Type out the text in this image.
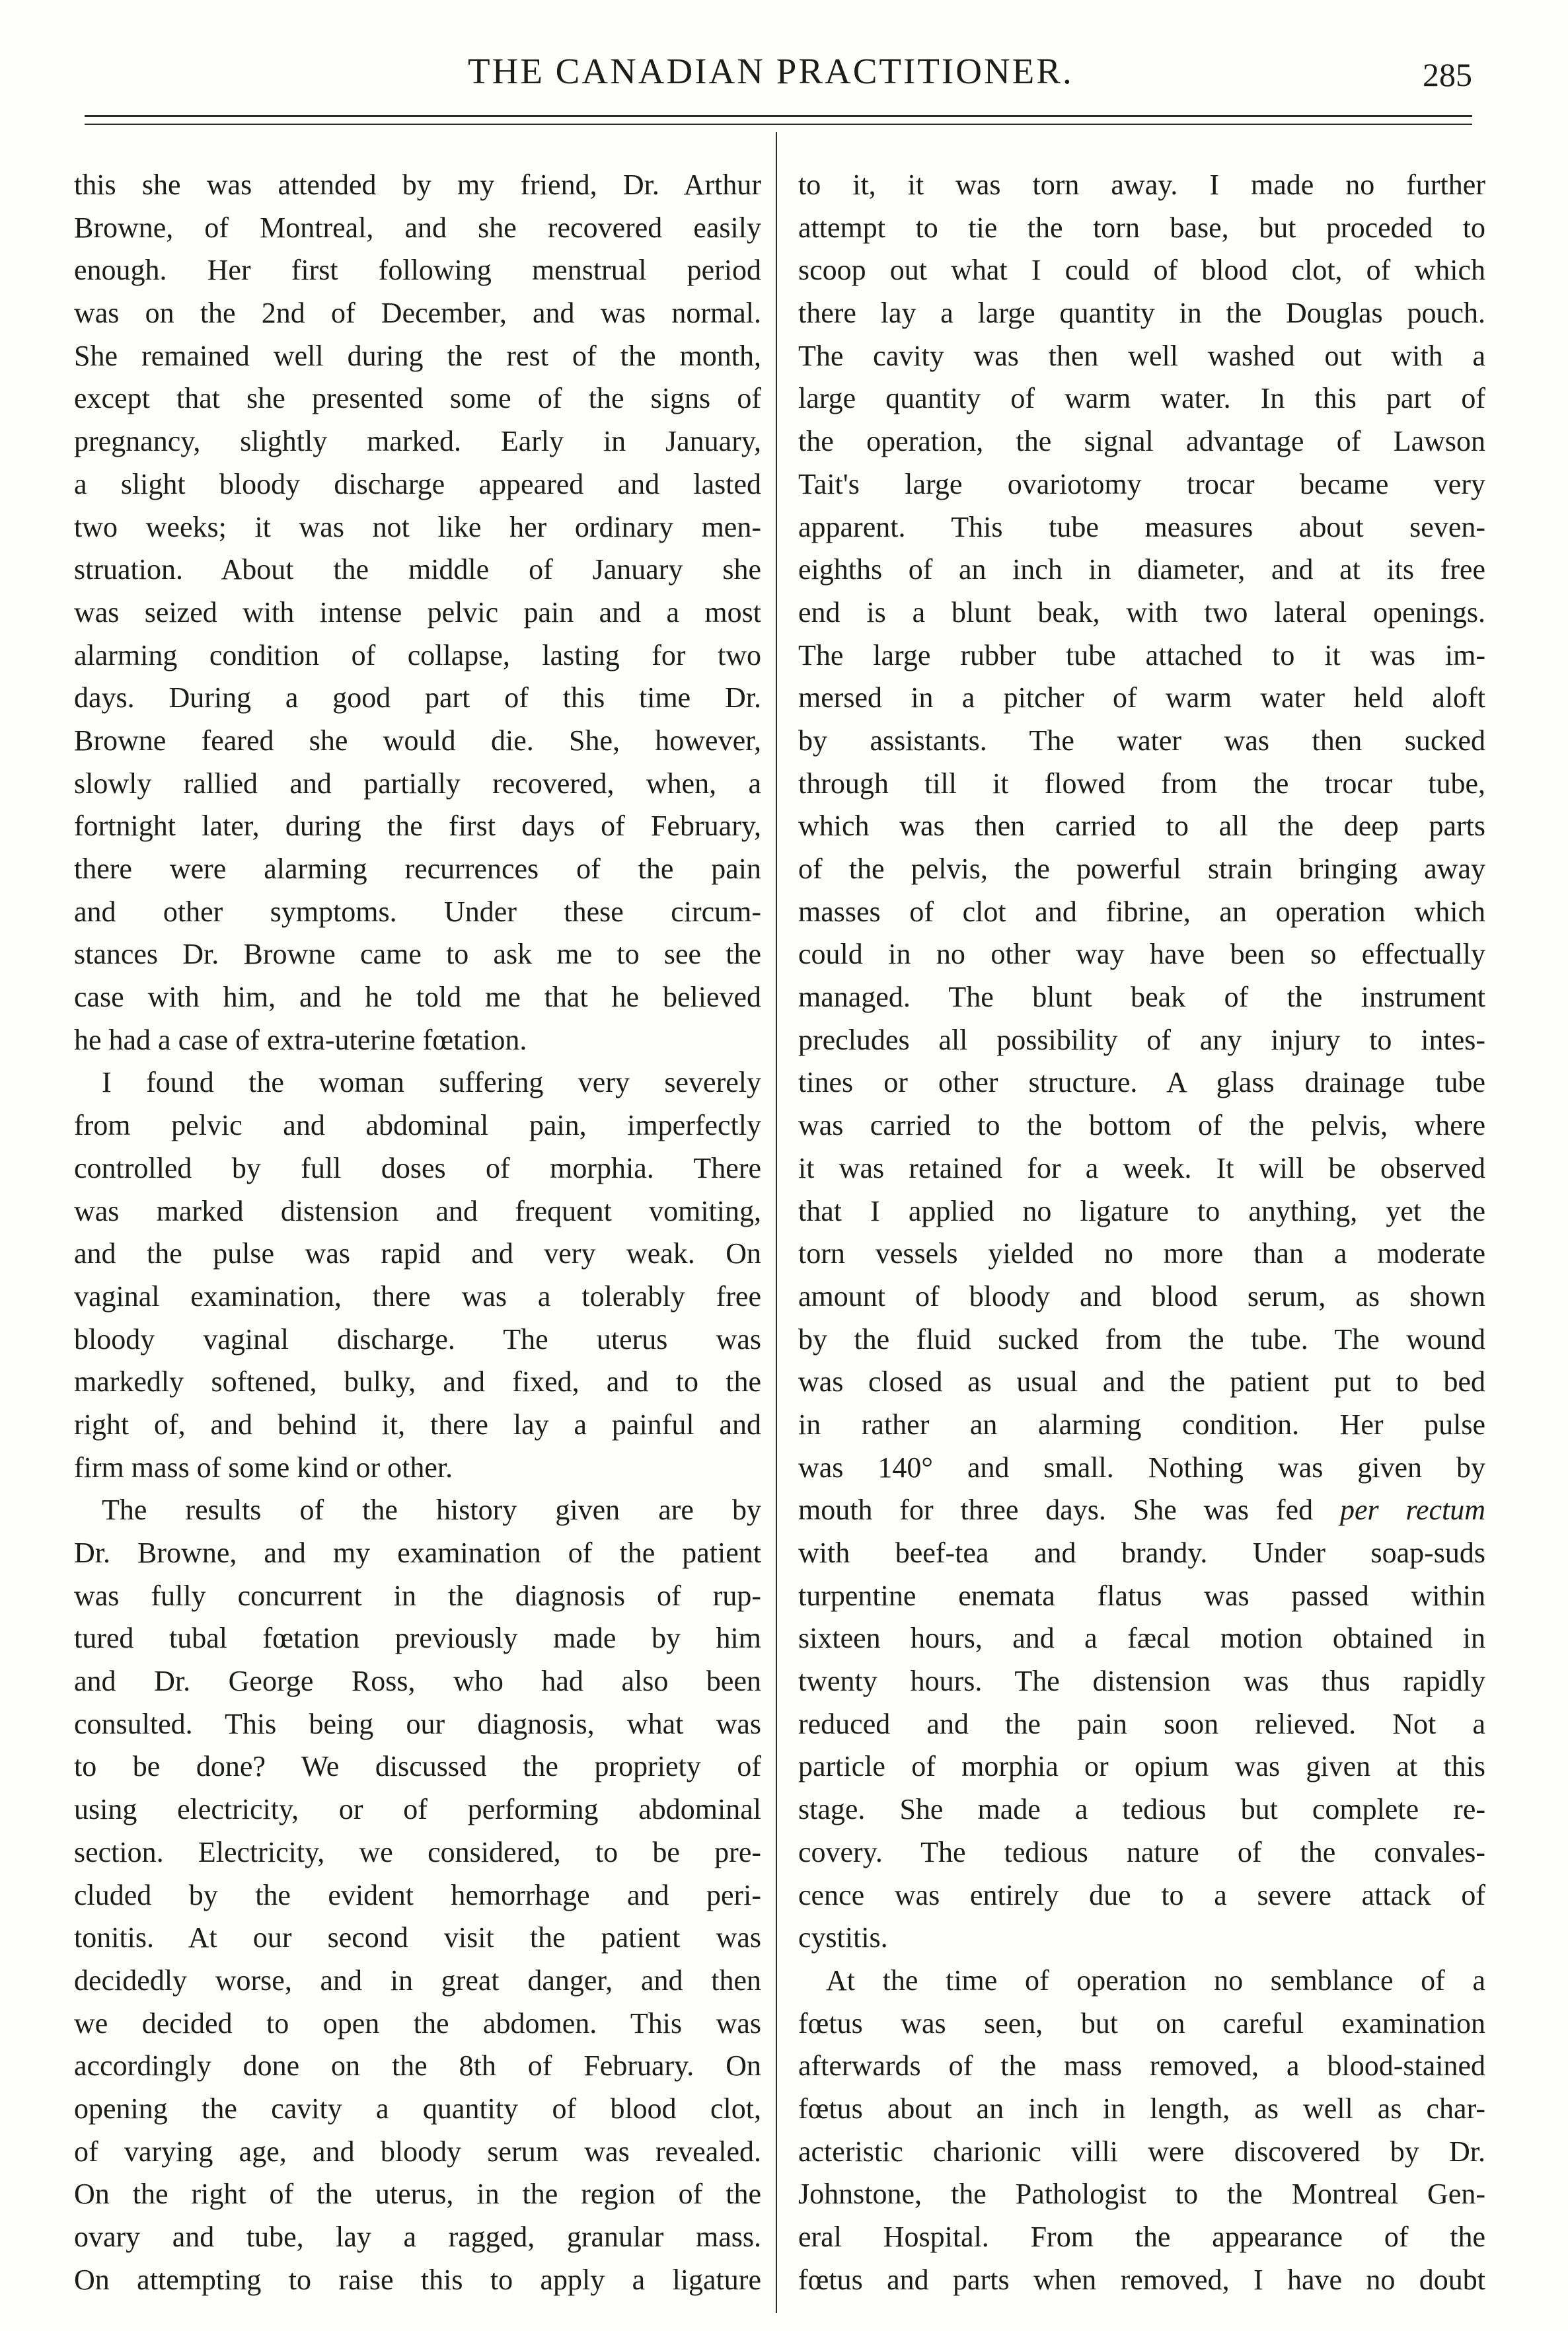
THE CANADIAN PRACTITIONER.	285
this she was attended by my friend, Dr. Arthur
Browne, of Montreal, and she recovered easily
enough. Her first following menstrual period
was on the 2nd of December, and was normal.
She remained well during the rest of the month,
except that she presented some of the signs of
pregnancy, slightly marked. Early in January,
a slight bloody discharge appeared and lasted
two weeks; it was not like her ordinary men-
struation. About the middle of January she
was seized with intense pelvic pain and a most
alarming condition of collapse, lasting for two
days. During a good part of this time Dr.
Browne feared she would die. She, however,
slowly rallied and partially recovered, when, a
fortnight later, during the first days of February,
there were alarming recurrences of the pain
and other symptoms. Under these circum-
stances Dr. Browne came to ask me to see the
case with him, and he told me that he believed
he had a case of extra-uterine fœtation.
I found the woman suffering very severely
from pelvic and abdominal pain, imperfectly
controlled by full doses of morphia. There
was marked distension and frequent vomiting,
and the pulse was rapid and very weak. On
vaginal examination, there was a tolerably free
bloody vaginal discharge. The uterus was
markedly softened, bulky, and fixed, and to the
right of, and behind it, there lay a painful and
firm mass of some kind or other.
The results of the history given are by
Dr. Browne, and my examination of the patient
was fully concurrent in the diagnosis of rup-
tured tubal fœtation previously made by him
and Dr. George Ross, who had also been
consulted. This being our diagnosis, what was
to be done? We discussed the propriety of
using electricity, or of performing abdominal
section. Electricity, we considered, to be pre-
cluded by the evident hemorrhage and peri-
tonitis. At our second visit the patient was
decidedly worse, and in great danger, and then
we decided to open the abdomen. This was
accordingly done on the 8th of February. On
opening the cavity a quantity of blood clot,
of varying age, and bloody serum was revealed.
On the right of the uterus, in the region of the
ovary and tube, lay a ragged, granular mass.
On attempting to raise this to apply a ligature
to it, it was torn away. I made no further
attempt to tie the torn base, but proceded to
scoop out what I could of blood clot, of which
there lay a large quantity in the Douglas pouch.
The cavity was then well washed out with a
large quantity of warm water. In this part of
the operation, the signal advantage of Lawson
Tait's large ovariotomy trocar became very
apparent. This tube measures about seven-
eighths of an inch in diameter, and at its free
end is a blunt beak, with two lateral openings.
The large rubber tube attached to it was im-
mersed in a pitcher of warm water held aloft
by assistants. The water was then sucked
through till it flowed from the trocar tube,
which was then carried to all the deep parts
of the pelvis, the powerful strain bringing away
masses of clot and fibrine, an operation which
could in no other way have been so effectually
managed. The blunt beak of the instrument
precludes all possibility of any injury to intes-
tines or other structure. A glass drainage tube
was carried to the bottom of the pelvis, where
it was retained for a week. It will be observed
that I applied no ligature to anything, yet the
torn vessels yielded no more than a moderate
amount of bloody and blood serum, as shown
by the fluid sucked from the tube. The wound
was closed as usual and the patient put to bed
in rather an alarming condition. Her pulse
was 140° and small. Nothing was given by
mouth for three days. She was fed per rectum
with beef-tea and brandy. Under soap-suds
turpentine enemata flatus was passed within
sixteen hours, and a fæcal motion obtained in
twenty hours. The distension was thus rapidly
reduced and the pain soon relieved. Not a
particle of morphia or opium was given at this
stage. She made a tedious but complete re-
covery. The tedious nature of the convales-
cence was entirely due to a severe attack of
cystitis.
At the time of operation no semblance of a
fœtus was seen, but on careful examination
afterwards of the mass removed, a blood-stained
fœtus about an inch in length, as well as char-
acteristic charionic villi were discovered by Dr.
Johnstone, the Pathologist to the Montreal Gen-
eral Hospital. From the appearance of the
fœtus and parts when removed, I have no doubt
